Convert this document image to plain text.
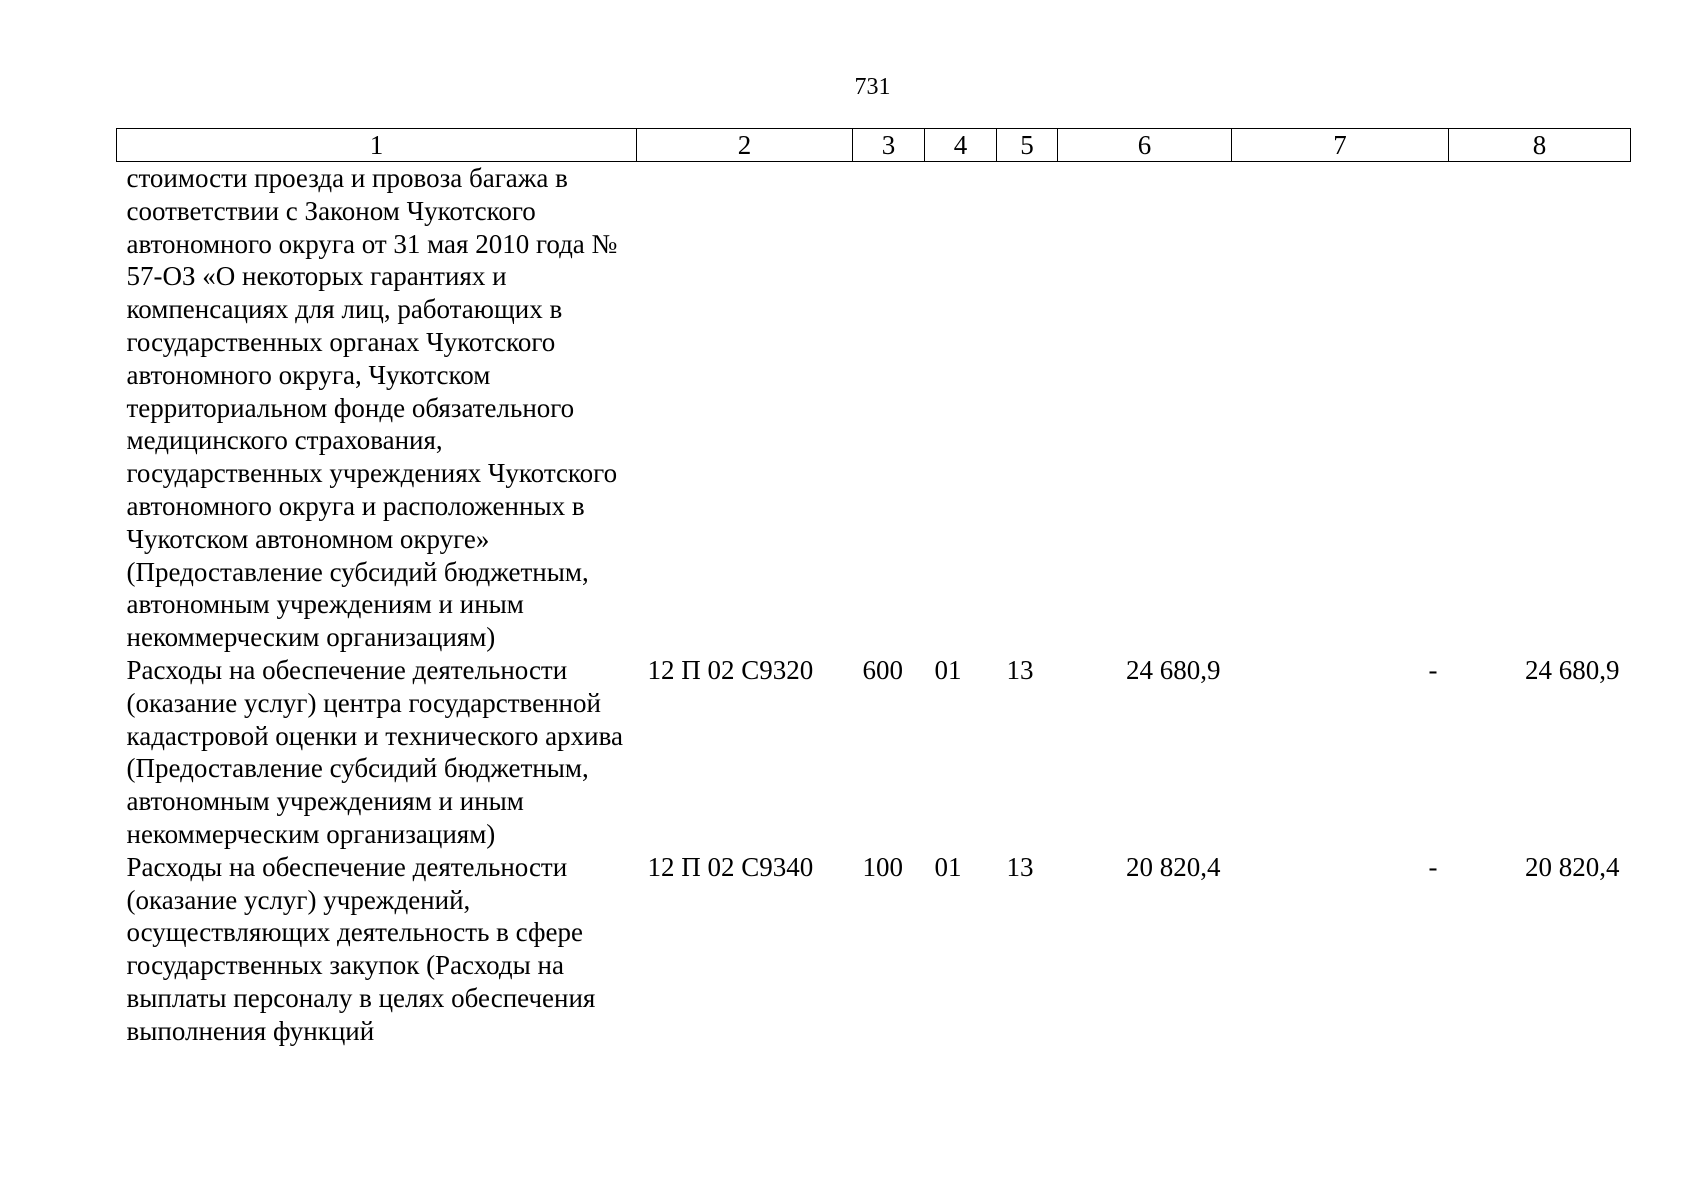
731
1	2	3	4	5	6	7	8
стоимости проезда и провоза багажа в соответствии с Законом Чукотского автономного округа от 31 мая 2010 года № 57-ОЗ «О некоторых гарантиях и компенсациях для лиц, работающих в государственных органах Чукотского автономного округа, Чукотском территориальном фонде обязательного медицинского страхования, государственных учреждениях Чукотского автономного округа и расположенных в Чукотском автономном округе» (Предоставление субсидий бюджетным, автономным учреждениям и иным некоммерческим организациям)							
Расходы на обеспечение деятельности (оказание услуг) центра государственной кадастровой оценки и технического архива (Предоставление субсидий бюджетным, автономным учреждениям и иным некоммерческим организациям)	12 П 02 С9320	600	01	13	24 680,9	-	24 680,9
Расходы на обеспечение деятельности (оказание услуг) учреждений, осуществляющих деятельность в сфере государственных закупок (Расходы на выплаты персоналу в целях обеспечения выполнения функций	12 П 02 С9340	100	01	13	20 820,4	-	20 820,4
